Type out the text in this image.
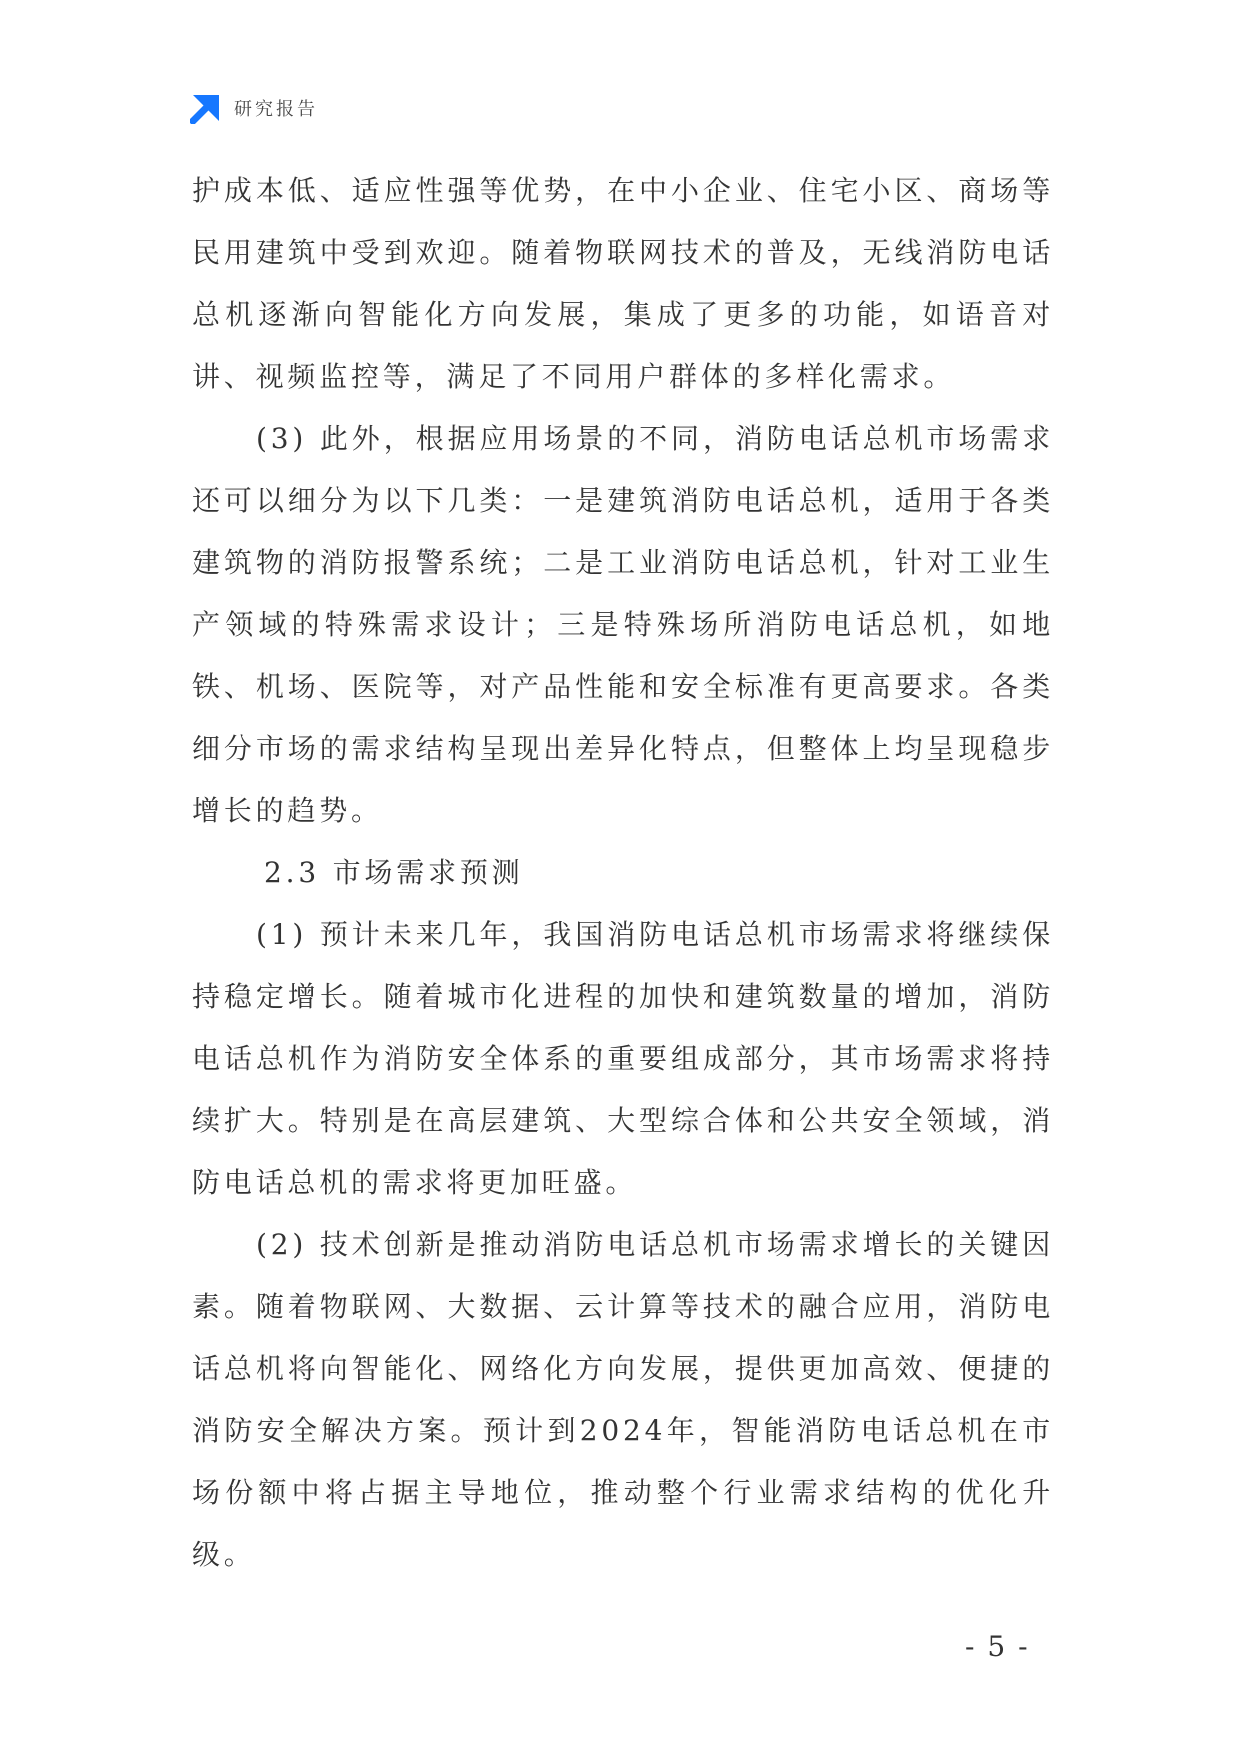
研究报告

护成本低、适应性强等优势，在中小企业、住宅小区、商场等民用建筑中受到欢迎。随着物联网技术的普及，无线消防电话总机逐渐向智能化方向发展，集成了更多的功能，如语音对讲、视频监控等，满足了不同用户群体的多样化需求。

(3) 此外，根据应用场景的不同，消防电话总机市场需求还可以细分为以下几类：一是建筑消防电话总机，适用于各类建筑物的消防报警系统；二是工业消防电话总机，针对工业生产领域的特殊需求设计；三是特殊场所消防电话总机，如地铁、机场、医院等，对产品性能和安全标准有更高要求。各类细分市场的需求结构呈现出差异化特点，但整体上均呈现稳步增长的趋势。

2.3 市场需求预测

(1) 预计未来几年，我国消防电话总机市场需求将继续保持稳定增长。随着城市化进程的加快和建筑数量的增加，消防电话总机作为消防安全体系的重要组成部分，其市场需求将持续扩大。特别是在高层建筑、大型综合体和公共安全领域，消防电话总机的需求将更加旺盛。

(2) 技术创新是推动消防电话总机市场需求增长的关键因素。随着物联网、大数据、云计算等技术的融合应用，消防电话总机将向智能化、网络化方向发展，提供更加高效、便捷的消防安全解决方案。预计到2024年，智能消防电话总机在市场份额中将占据主导地位，推动整个行业需求结构的优化升级。

- 5 -
